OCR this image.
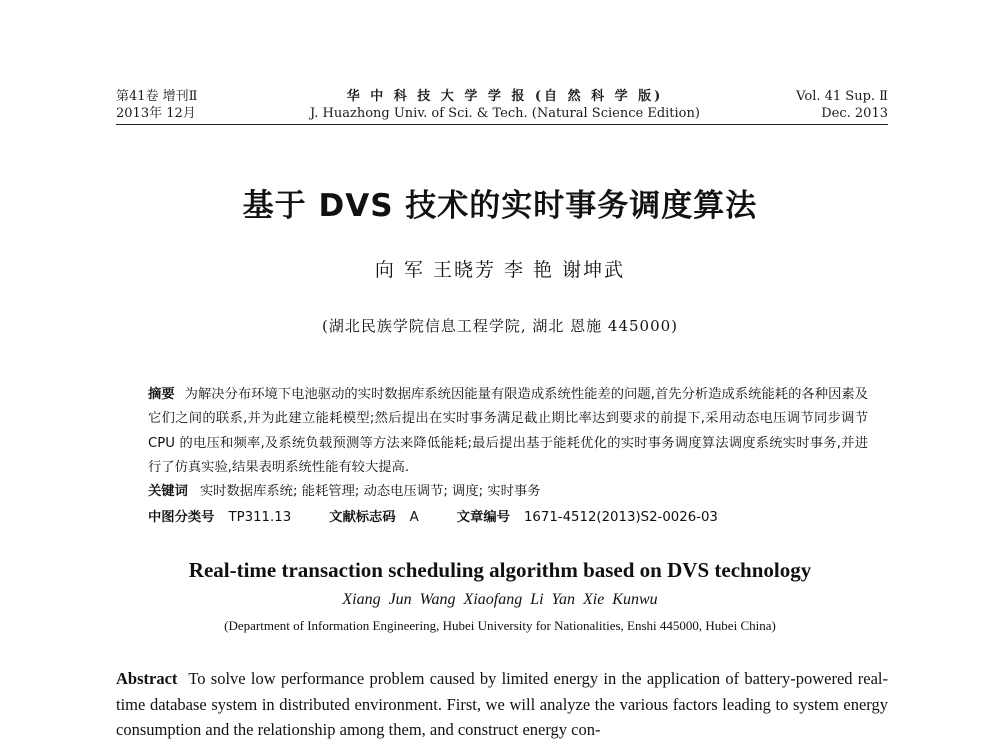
第41卷 增刊Ⅱ
2013年 12月
华 中 科 技 大 学 学 报 (自 然 科 学 版)
J. Huazhong Univ. of Sci. & Tech. (Natural Science Edition)
Vol. 41 Sup. Ⅱ
Dec. 2013
基于 DVS 技术的实时事务调度算法
向 军 王晓芳 李 艳 谢坤武
(湖北民族学院信息工程学院, 湖北 恩施 445000)
摘要 为解决分布环境下电池驱动的实时数据库系统因能量有限造成系统性能差的问题,首先分析造成系统能耗的各种因素及它们之间的联系,并为此建立能耗模型;然后提出在实时事务满足截止期比率达到要求的前提下,采用动态电压调节同步调节 CPU 的电压和频率,及系统负载预测等方法来降低能耗;最后提出基于能耗优化的实时事务调度算法调度系统实时事务,并进行了仿真实验,结果表明系统性能有较大提高.
关键词 实时数据库系统; 能耗管理; 动态电压调节; 调度; 实时事务
中图分类号 TP311.13	文献标志码 A	文章编号 1671-4512(2013)S2-0026-03
Real-time transaction scheduling algorithm based on DVS technology
Xiang Jun Wang Xiaofang Li Yan Xie Kunwu
(Department of Information Engineering, Hubei University for Nationalities, Enshi 445000, Hubei China)
Abstract To solve low performance problem caused by limited energy in the application of battery-powered real-time database system in distributed environment. First, we will analyze the various factors leading to system energy consumption and the relationship among them, and construct energy con-
